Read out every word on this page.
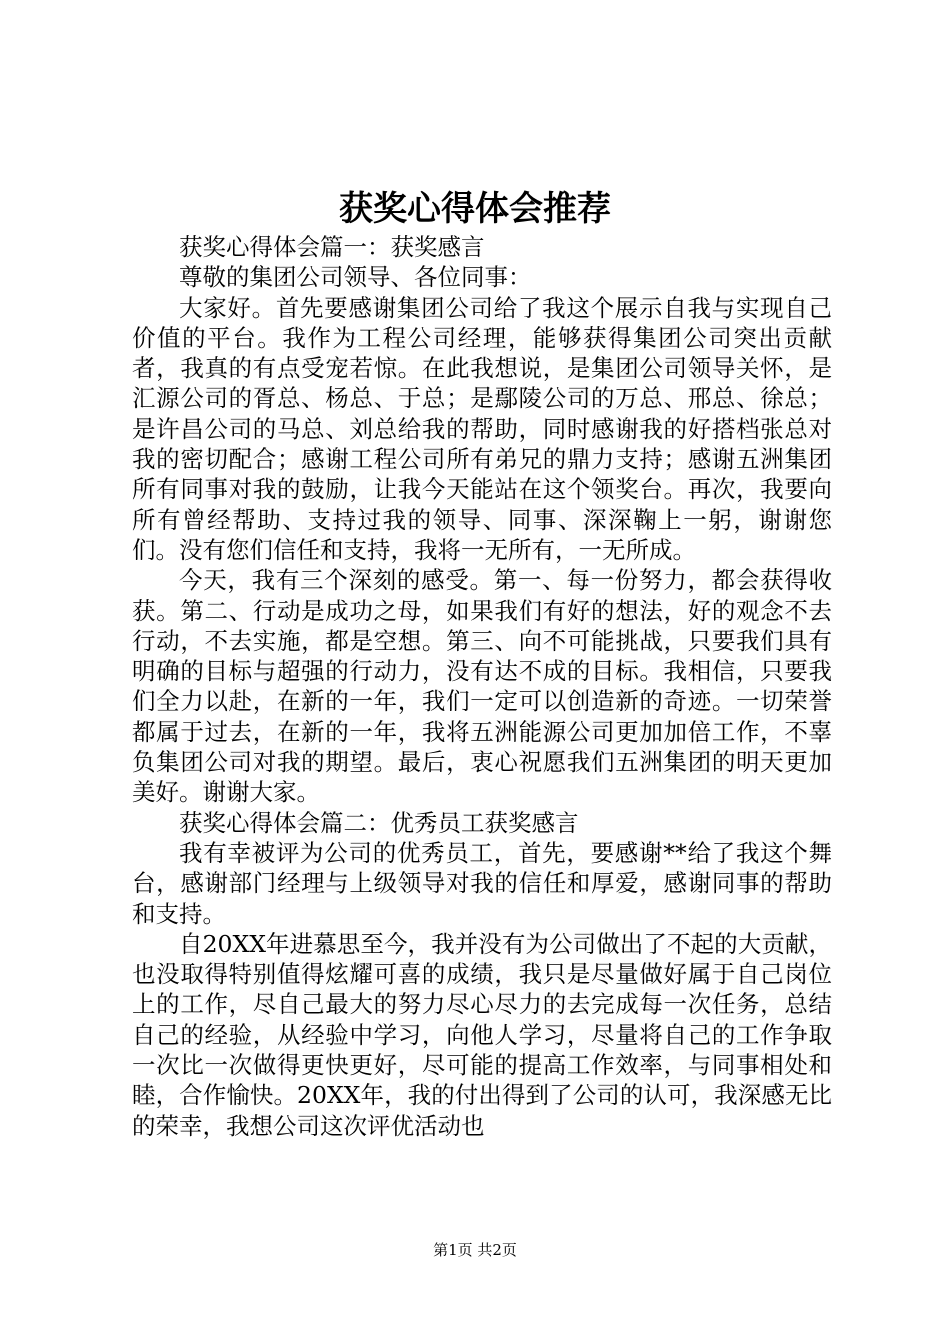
获奖心得体会推荐

获奖心得体会篇一：获奖感言

尊敬的集团公司领导、各位同事：

大家好。首先要感谢集团公司给了我这个展示自我与实现自己价值的平台。我作为工程公司经理，能够获得集团公司突出贡献者，我真的有点受宠若惊。在此我想说，是集团公司领导关怀，是汇源公司的胥总、杨总、于总；是鄢陵公司的万总、邢总、徐总；是许昌公司的马总、刘总给我的帮助，同时感谢我的好搭档张总对我的密切配合；感谢工程公司所有弟兄的鼎力支持；感谢五洲集团所有同事对我的鼓励，让我今天能站在这个领奖台。再次，我要向所有曾经帮助、支持过我的领导、同事、深深鞠上一躬，谢谢您们。没有您们信任和支持，我将一无所有，一无所成。

今天，我有三个深刻的感受。第一、每一份努力，都会获得收获。第二、行动是成功之母，如果我们有好的想法，好的观念不去行动，不去实施，都是空想。第三、向不可能挑战，只要我们具有明确的目标与超强的行动力，没有达不成的目标。我相信，只要我们全力以赴，在新的一年，我们一定可以创造新的奇迹。一切荣誉都属于过去，在新的一年，我将五洲能源公司更加加倍工作，不辜负集团公司对我的期望。最后，衷心祝愿我们五洲集团的明天更加美好。谢谢大家。

获奖心得体会篇二：优秀员工获奖感言

我有幸被评为公司的优秀员工，首先，要感谢**给了我这个舞台，感谢部门经理与上级领导对我的信任和厚爱，感谢同事的帮助和支持。

自20XX年进慕思至今，我并没有为公司做出了不起的大贡献，也没取得特别值得炫耀可喜的成绩，我只是尽量做好属于自己岗位上的工作，尽自己最大的努力尽心尽力的去完成每一次任务，总结自己的经验，从经验中学习，向他人学习，尽量将自己的工作争取一次比一次做得更快更好，尽可能的提高工作效率，与同事相处和睦，合作愉快。20XX年，我的付出得到了公司的认可，我深感无比的荣幸，我想公司这次评优活动也

第1页 共2页
